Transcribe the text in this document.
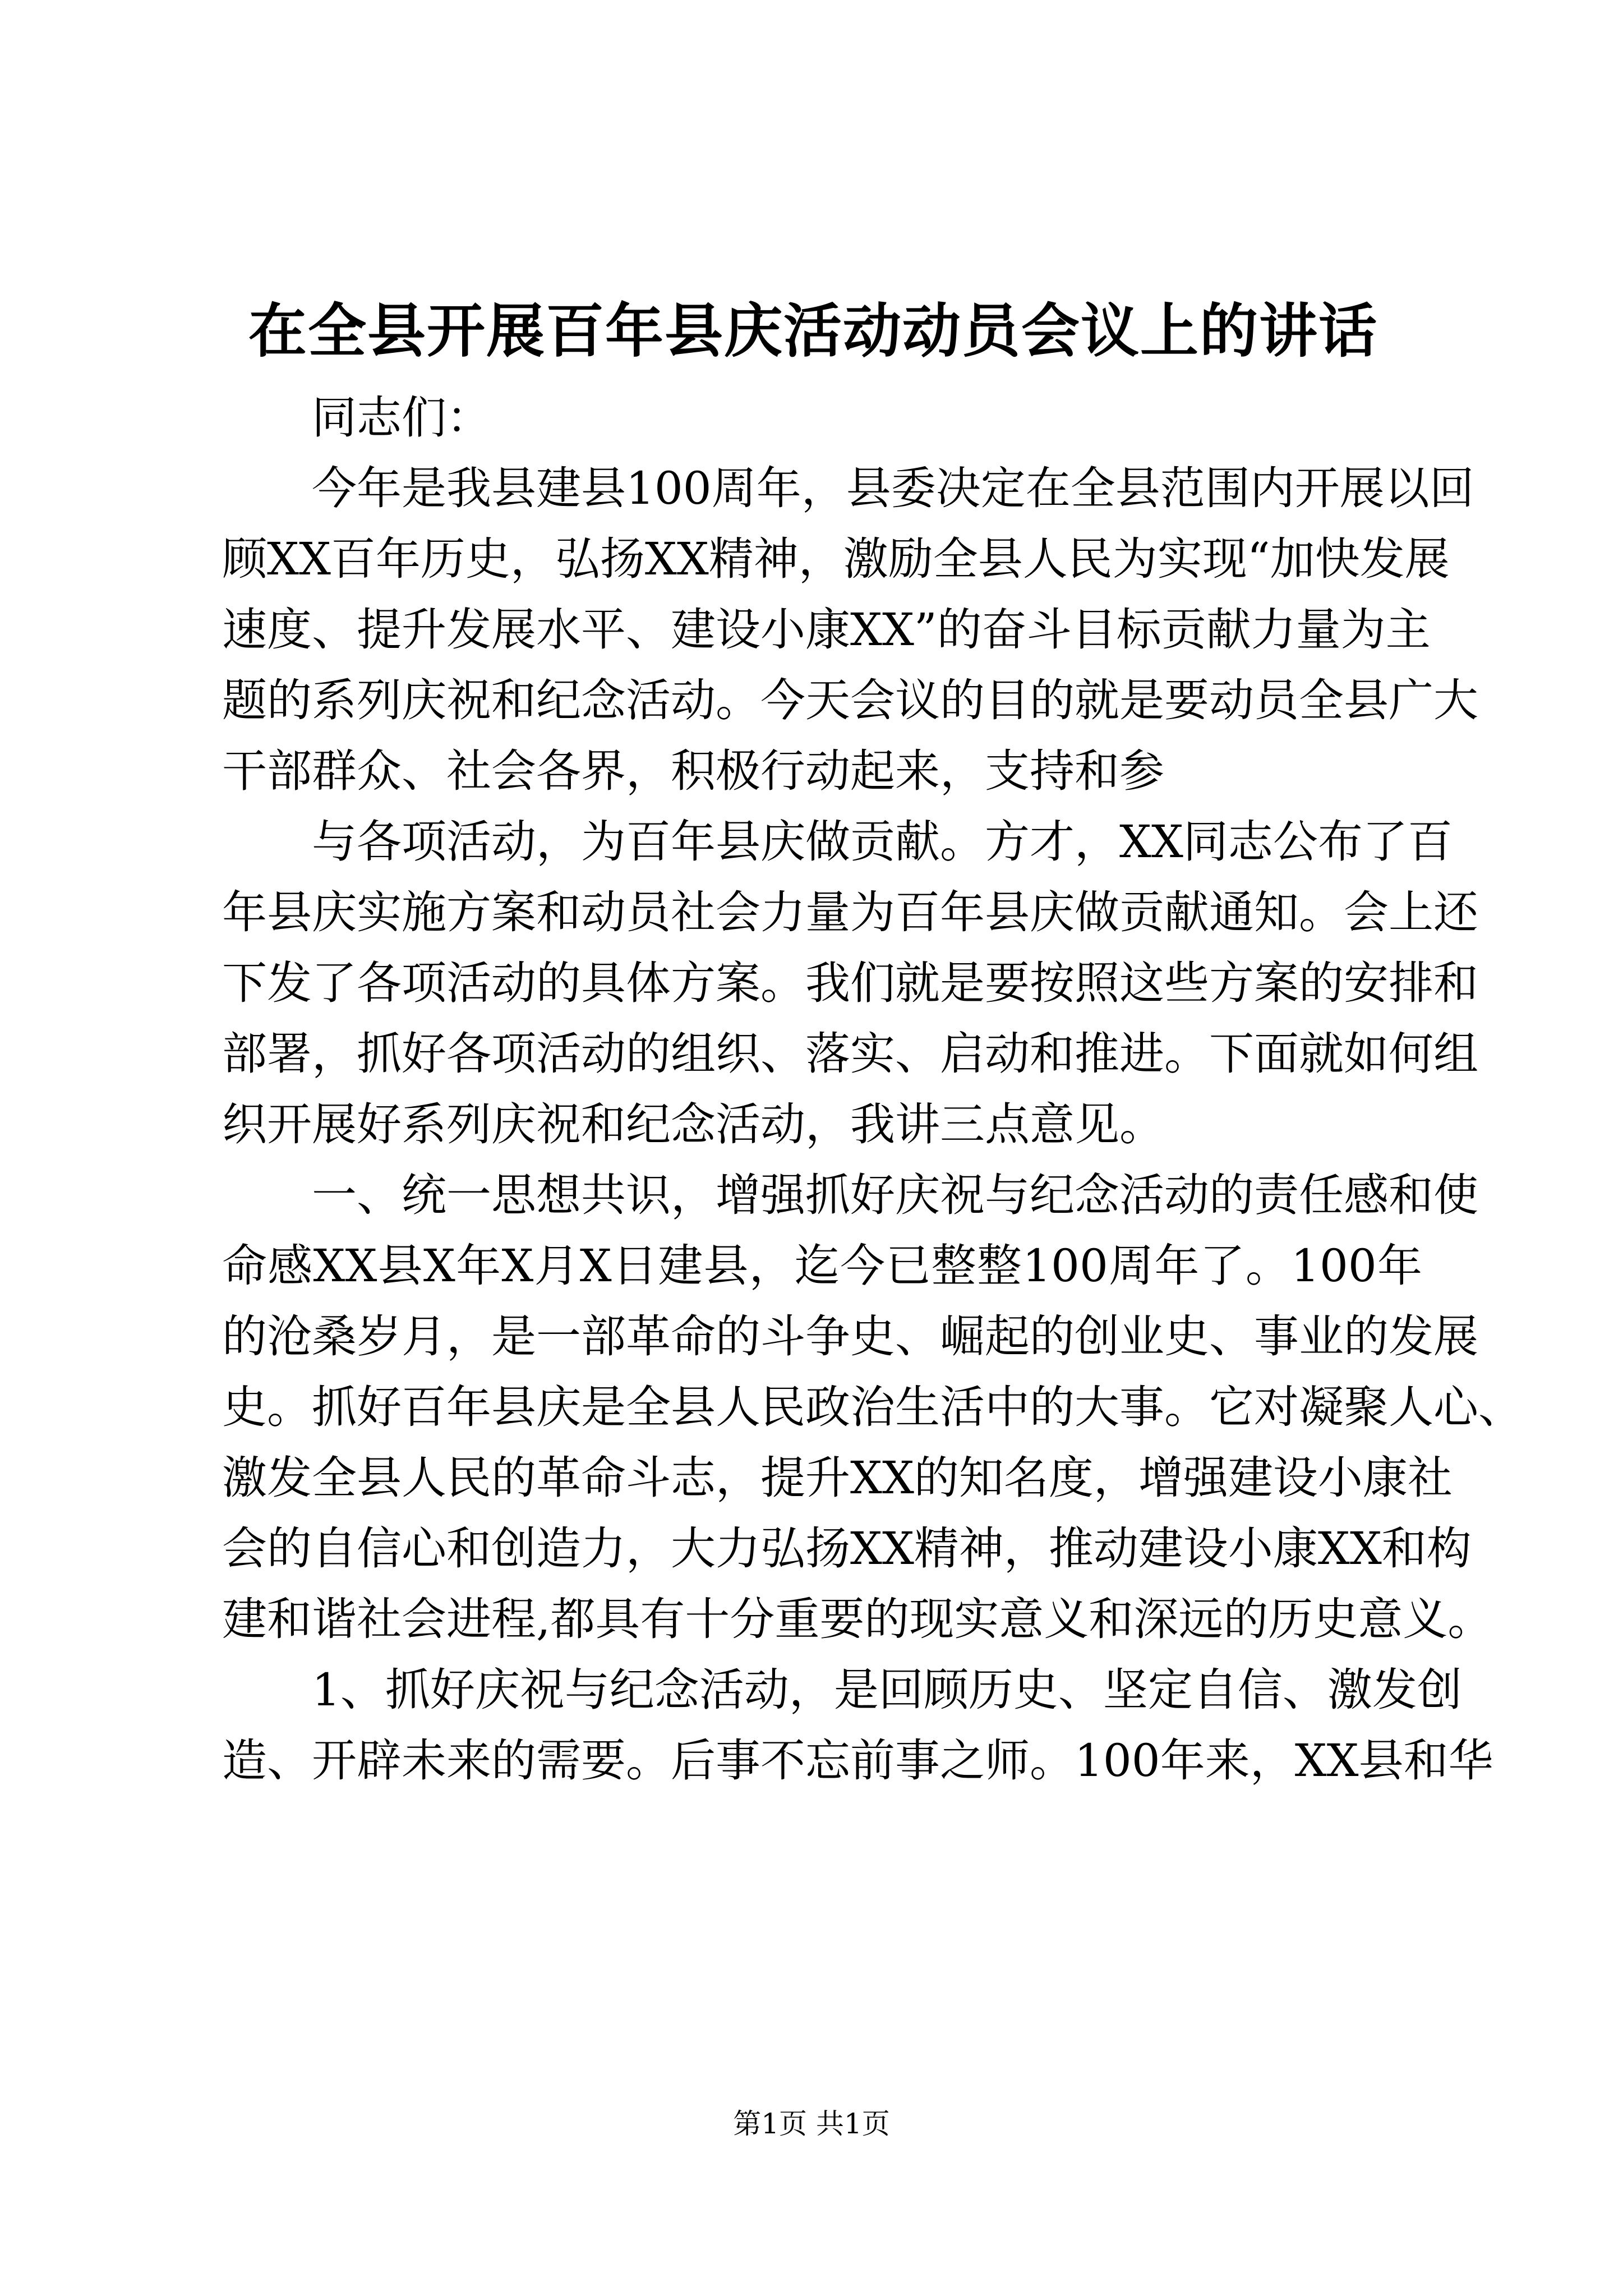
在全县开展百年县庆活动动员会议上的讲话
同志们：
今年是我县建县100周年，县委决定在全县范围内开展以回
顾XX百年历史，弘扬XX精神，激励全县人民为实现“加快发展
速度、提升发展水平、建设小康XX”的奋斗目标贡献力量为主
题的系列庆祝和纪念活动。今天会议的目的就是要动员全县广大
干部群众、社会各界，积极行动起来，支持和参
与各项活动，为百年县庆做贡献。方才，XX同志公布了百
年县庆实施方案和动员社会力量为百年县庆做贡献通知。会上还
下发了各项活动的具体方案。我们就是要按照这些方案的安排和
部署，抓好各项活动的组织、落实、启动和推进。下面就如何组
织开展好系列庆祝和纪念活动，我讲三点意见。
一、统一思想共识，增强抓好庆祝与纪念活动的责任感和使
命感XX县X年X月X日建县，迄今已整整100周年了。100年
的沧桑岁月，是一部革命的斗争史、崛起的创业史、事业的发展
史。抓好百年县庆是全县人民政治生活中的大事。它对凝聚人心、
激发全县人民的革命斗志，提升XX的知名度，增强建设小康社
会的自信心和创造力，大力弘扬XX精神，推动建设小康XX和构
建和谐社会进程,都具有十分重要的现实意义和深远的历史意义。
1、抓好庆祝与纪念活动，是回顾历史、坚定自信、激发创
造、开辟未来的需要。后事不忘前事之师。100年来，XX县和华
第1页 共1页
